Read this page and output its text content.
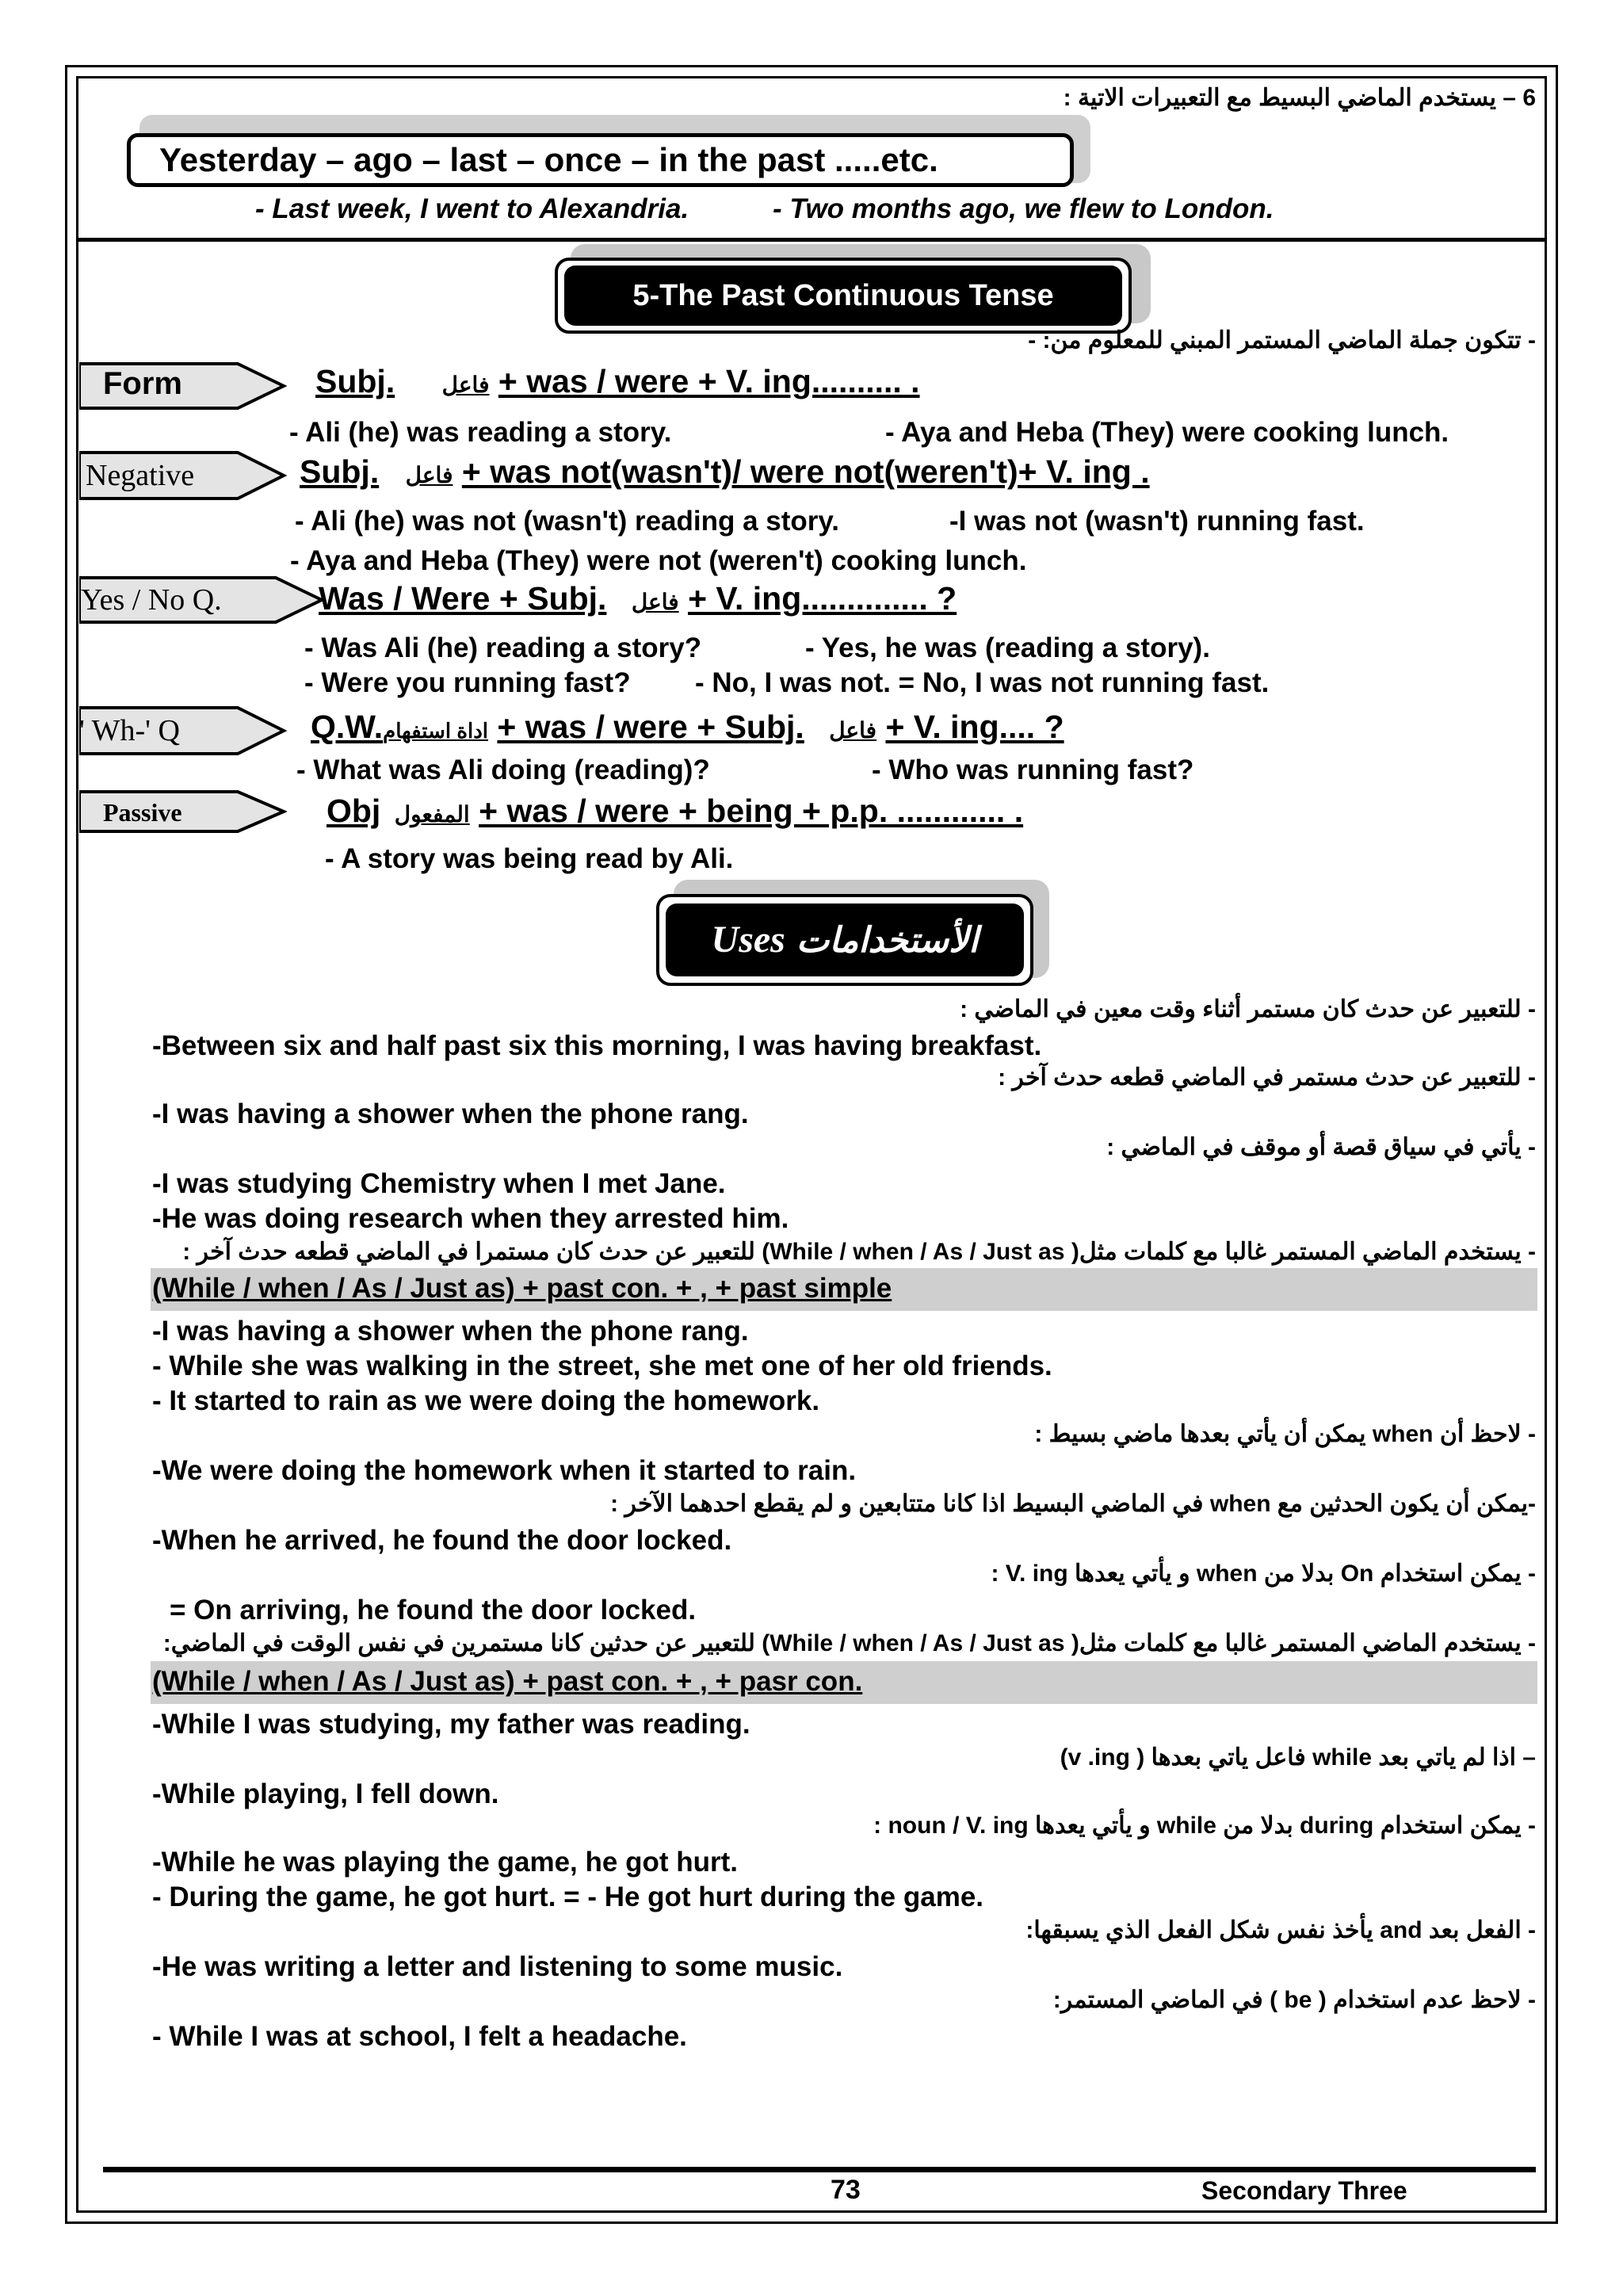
6 – يستخدم الماضي البسيط مع التعبيرات الاتية :
Yesterday – ago – last – once – in the past .....etc.
- Last week, I went to Alexandria.	- Two months ago, we flew to London.
5-The Past Continuous Tense
- تتكون جملة الماضي المستمر المبني للمعلوم من: -
Form	Subj. فاعل + was / were + V. ing.......... .
- Ali (he) was reading a story.	- Aya and Heba (They) were cooking lunch.
Negative	Subj. فاعل + was not(wasn't)/ were not(weren't)+ V. ing .
- Ali (he) was not (wasn't) reading a story.	-I was not (wasn't) running fast.
- Aya and Heba (They) were not (weren't) cooking lunch.
Yes / No Q.	Was / Were + Subj. فاعل + V. ing.............. ?
- Was Ali (he) reading a story?	- Yes, he was (reading a story).
- Were you running fast? - No, I was not. = No, I was not running fast.
' Wh-' Q	Q.W.اداة استفهام + was / were + Subj. فاعل + V. ing.... ?
- What was Ali doing (reading)?	- Who was running fast?
Passive	Obj المفعول + was / were + being + p.p. ............ .
- A story was being read by Ali.
Uses الأستخدامات
- للتعبير عن حدث كان مستمر أثناء وقت معين في الماضي :
-Between six and half past six this morning, I was having breakfast.
- للتعبير عن حدث مستمر في الماضي قطعه حدث آخر :
-I was having a shower when the phone rang.
- يأتي في سياق قصة أو موقف في الماضي :
-I was studying Chemistry when I met Jane.
-He was doing research when they arrested him.
- يستخدم الماضي المستمر غالبا مع كلمات مثل( While / when / As / Just as) للتعبير عن حدث كان مستمرا في الماضي قطعه حدث آخر :
(While / when / As / Just as) + past con. + , + past simple
-I was having a shower when the phone rang.
- While she was walking in the street, she met one of her old friends.
- It started to rain as we were doing the homework.
- لاحظ أن when يمكن أن يأتي بعدها ماضي بسيط :
-We were doing the homework when it started to rain.
-يمكن أن يكون الحدثين مع when في الماضي البسيط اذا كانا متتابعين و لم يقطع احدهما الآخر :
-When he arrived, he found the door locked.
- يمكن استخدام On بدلا من when و يأتي يعدها V. ing :
= On arriving, he found the door locked.
- يستخدم الماضي المستمر غالبا مع كلمات مثل( While / when / As / Just as) للتعبير عن حدثين كانا مستمرين في نفس الوقت في الماضي:
(While / when / As / Just as) + past con. + , + pasr con.
-While I was studying, my father was reading.
– اذا لم ياتي بعد while فاعل ياتي بعدها ( v .ing)
-While playing, I fell down.
- يمكن استخدام during بدلا من while و يأتي يعدها noun / V. ing :
-While he was playing the game, he got hurt.
- During the game, he got hurt. = - He got hurt during the game.
- الفعل بعد and يأخذ نفس شكل الفعل الذي يسبقها:
-He was writing a letter and listening to some music.
- لاحظ عدم استخدام ( be ) في الماضي المستمر:
- While I was at school, I felt a headache.
73	Secondary Three
